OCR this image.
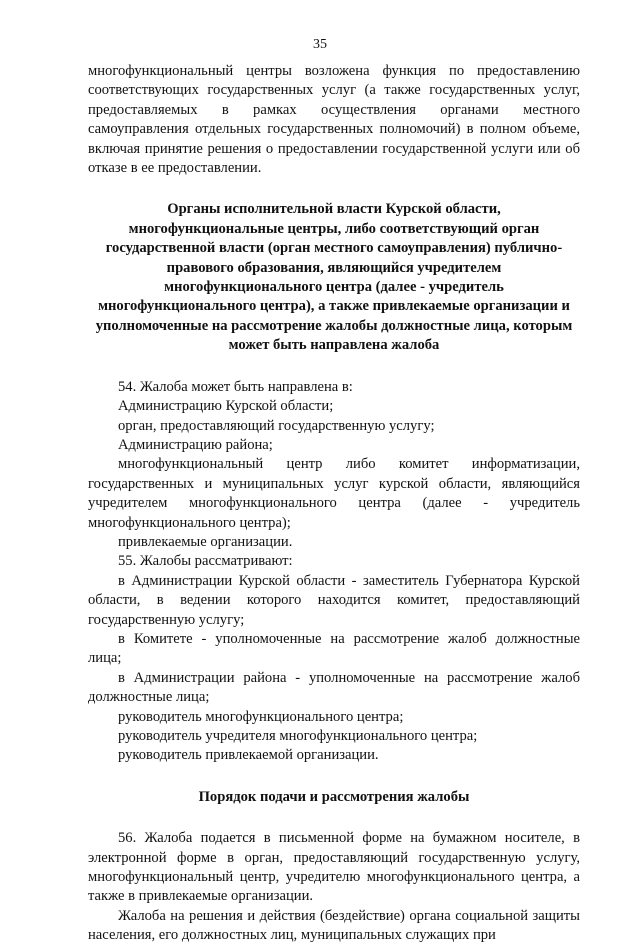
35

многофункциональный центры возложена функция по предоставлению соответствующих государственных услуг (а также государственных услуг, предоставляемых в рамках осуществления органами местного самоуправления отдельных государственных полномочий) в полном объеме, включая принятие решения о предоставлении государственной услуги или об отказе в ее предоставлении.

Органы исполнительной власти Курской области, многофункциональные центры, либо соответствующий орган государственной власти (орган местного самоуправления) публично-правового образования, являющийся учредителем многофункционального центра (далее - учредитель многофункционального центра), а также привлекаемые организации и уполномоченные на рассмотрение жалобы должностные лица, которым может быть направлена жалоба

54. Жалоба может быть направлена в:

Администрацию Курской области;

орган, предоставляющий государственную услугу;

Администрацию района;

многофункциональный центр либо комитет информатизации, государственных и муниципальных услуг курской области, являющийся учредителем многофункционального центра (далее - учредитель многофункционального центра);

привлекаемые организации.

55. Жалобы рассматривают:

в Администрации Курской области - заместитель Губернатора Курской области, в ведении которого находится комитет, предоставляющий государственную услугу;

в Комитете - уполномоченные на рассмотрение жалоб должностные лица;

в Администрации района - уполномоченные на рассмотрение жалоб должностные лица;

руководитель многофункционального центра;

руководитель учредителя многофункционального центра;

руководитель привлекаемой организации.

Порядок подачи и рассмотрения жалобы

56. Жалоба подается в письменной форме на бумажном носителе, в электронной форме в орган, предоставляющий государственную услугу, многофункциональный центр, учредителю многофункционального центра, а также в привлекаемые организации.

Жалоба на решения и действия (бездействие) органа социальной защиты населения, его должностных лиц, муниципальных служащих при
